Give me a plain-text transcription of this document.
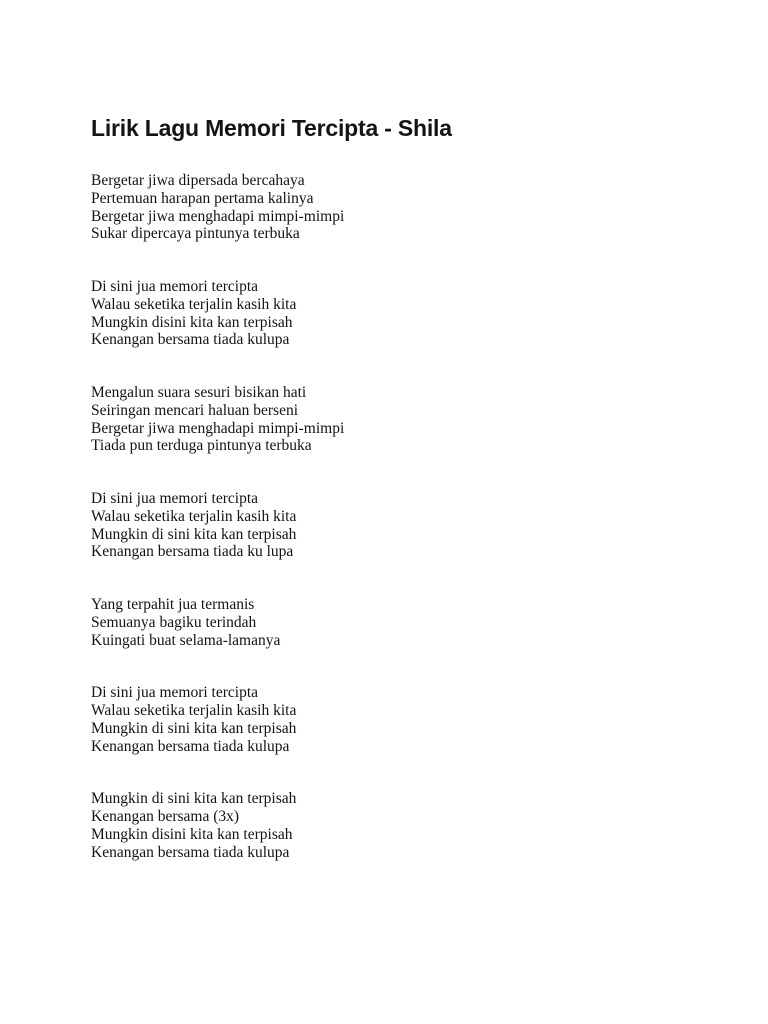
Lirik Lagu Memori Tercipta - Shila
Bergetar jiwa dipersada bercahaya
Pertemuan harapan pertama kalinya
Bergetar jiwa menghadapi mimpi-mimpi
Sukar dipercaya pintunya terbuka
Di sini jua memori tercipta
Walau seketika terjalin kasih kita
Mungkin disini kita kan terpisah
Kenangan bersama tiada kulupa
Mengalun suara sesuri bisikan hati
Seiringan mencari haluan berseni
Bergetar jiwa menghadapi mimpi-mimpi
Tiada pun terduga pintunya terbuka
Di sini jua memori tercipta
Walau seketika terjalin kasih kita
Mungkin di sini kita kan terpisah
Kenangan bersama tiada ku lupa
Yang terpahit jua termanis
Semuanya bagiku terindah
Kuingati buat selama-lamanya
Di sini jua memori tercipta
Walau seketika terjalin kasih kita
Mungkin di sini kita kan terpisah
Kenangan bersama tiada kulupa
Mungkin di sini kita kan terpisah
Kenangan bersama (3x)
Mungkin disini kita kan terpisah
Kenangan bersama tiada kulupa
